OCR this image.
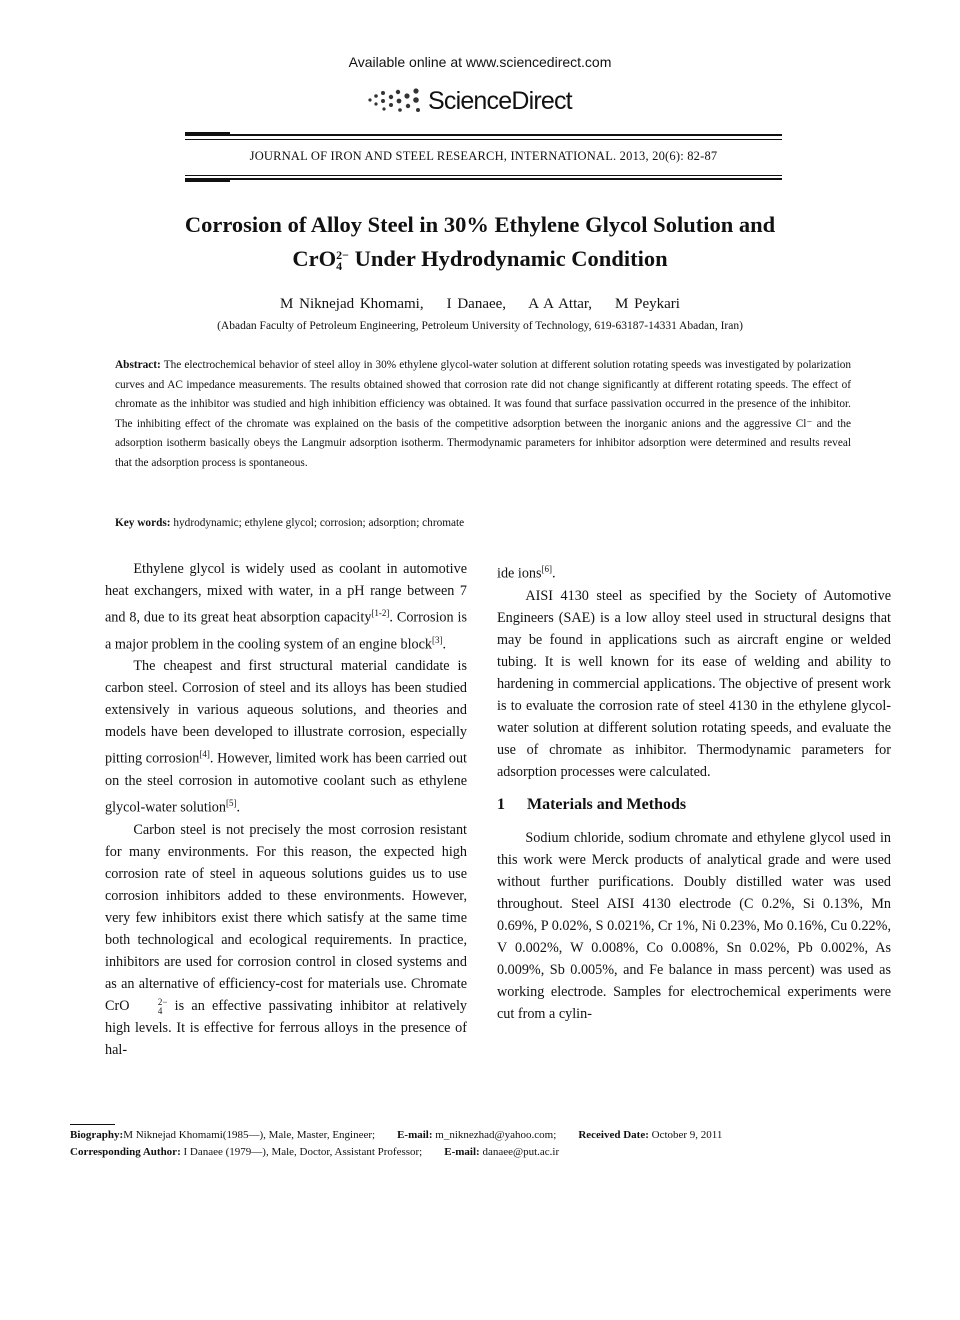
Available online at www.sciencedirect.com
ScienceDirect
JOURNAL OF IRON AND STEEL RESEARCH, INTERNATIONAL. 2013, 20(6): 82-87
Corrosion of Alloy Steel in 30% Ethylene Glycol Solution and
CrO 2−
4 Under Hydrodynamic Condition
M Niknejad Khomami,    I Danaee,    A A Attar,    M Peykari
(Abadan Faculty of Petroleum Engineering, Petroleum University of Technology, 619-63187-14331 Abadan, Iran)
Abstract: The electrochemical behavior of steel alloy in 30% ethylene glycol-water solution at different solution rotating speeds was investigated by polarization curves and AC impedance measurements. The results obtained showed that corrosion rate did not change significantly at different rotating speeds. The effect of chromate as the inhibitor was studied and high inhibition efficiency was obtained. It was found that surface passivation occurred in the presence of the inhibitor. The inhibiting effect of the chromate was explained on the basis of the competitive adsorption between the inorganic anions and the aggressive Cl⁻ and the adsorption isotherm basically obeys the Langmuir adsorption isotherm. Thermodynamic parameters for inhibitor adsorption were determined and results reveal that the adsorption process is spontaneous.
Key words: hydrodynamic; ethylene glycol; corrosion; adsorption; chromate

Ethylene glycol is widely used as coolant in automotive heat exchangers, mixed with water, in a pH range between 7 and 8, due to its great heat absorption capacity[1-2]. Corrosion is a major problem in the cooling system of an engine block[3].

The cheapest and first structural material candidate is carbon steel. Corrosion of steel and its alloys has been studied extensively in various aqueous solutions, and theories and models have been developed to illustrate corrosion, especially pitting corrosion[4]. However, limited work has been carried out on the steel corrosion in automotive coolant such as ethylene glycol-water solution[5].

Carbon steel is not precisely the most corrosion resistant for many environments. For this reason, the expected high corrosion rate of steel in aqueous solutions guides us to use corrosion inhibitors added to these environments. However, very few inhibitors exist there which satisfy at the same time both technological and ecological requirements. In practice, inhibitors are used for corrosion control in closed systems and as an alternative of efficiency-cost for materials use. Chromate CrO	2−
4 is an effective passivating inhibitor at relatively high levels. It is effective for ferrous alloys in the presence of hal-

ide ions[6].

AISI 4130 steel as specified by the Society of Automotive Engineers (SAE) is a low alloy steel used in structural designs that may be found in applications such as aircraft engine or welded tubing. It is well known for its ease of welding and ability to hardening in commercial applications. The objective of present work is to evaluate the corrosion rate of steel 4130 in the ethylene glycol-water solution at different solution rotating speeds, and evaluate the use of chromate as inhibitor. Thermodynamic parameters for adsorption processes were calculated.

1 Materials and Methods

Sodium chloride, sodium chromate and ethylene glycol used in this work were Merck products of analytical grade and were used without further purifications. Doubly distilled water was used throughout. Steel AISI 4130 electrode (C 0.2%, Si 0.13%, Mn 0.69%, P 0.02%, S 0.021%, Cr 1%, Ni 0.23%, Mo 0.16%, Cu 0.22%, V 0.002%, W 0.008%, Co 0.008%, Sn 0.02%, Pb 0.002%, As 0.009%, Sb 0.005%, and Fe balance in mass percent) was used as working electrode. Samples for electrochemical experiments were cut from a cylin-

Biography:M Niknejad Khomami(1985—), Male, Master, Engineer; E-mail: m_niknezhad@yahoo.com; Received Date: October 9, 2011
Corresponding Author: I Danaee (1979—), Male, Doctor, Assistant Professor; E-mail: danaee@put.ac.ir
